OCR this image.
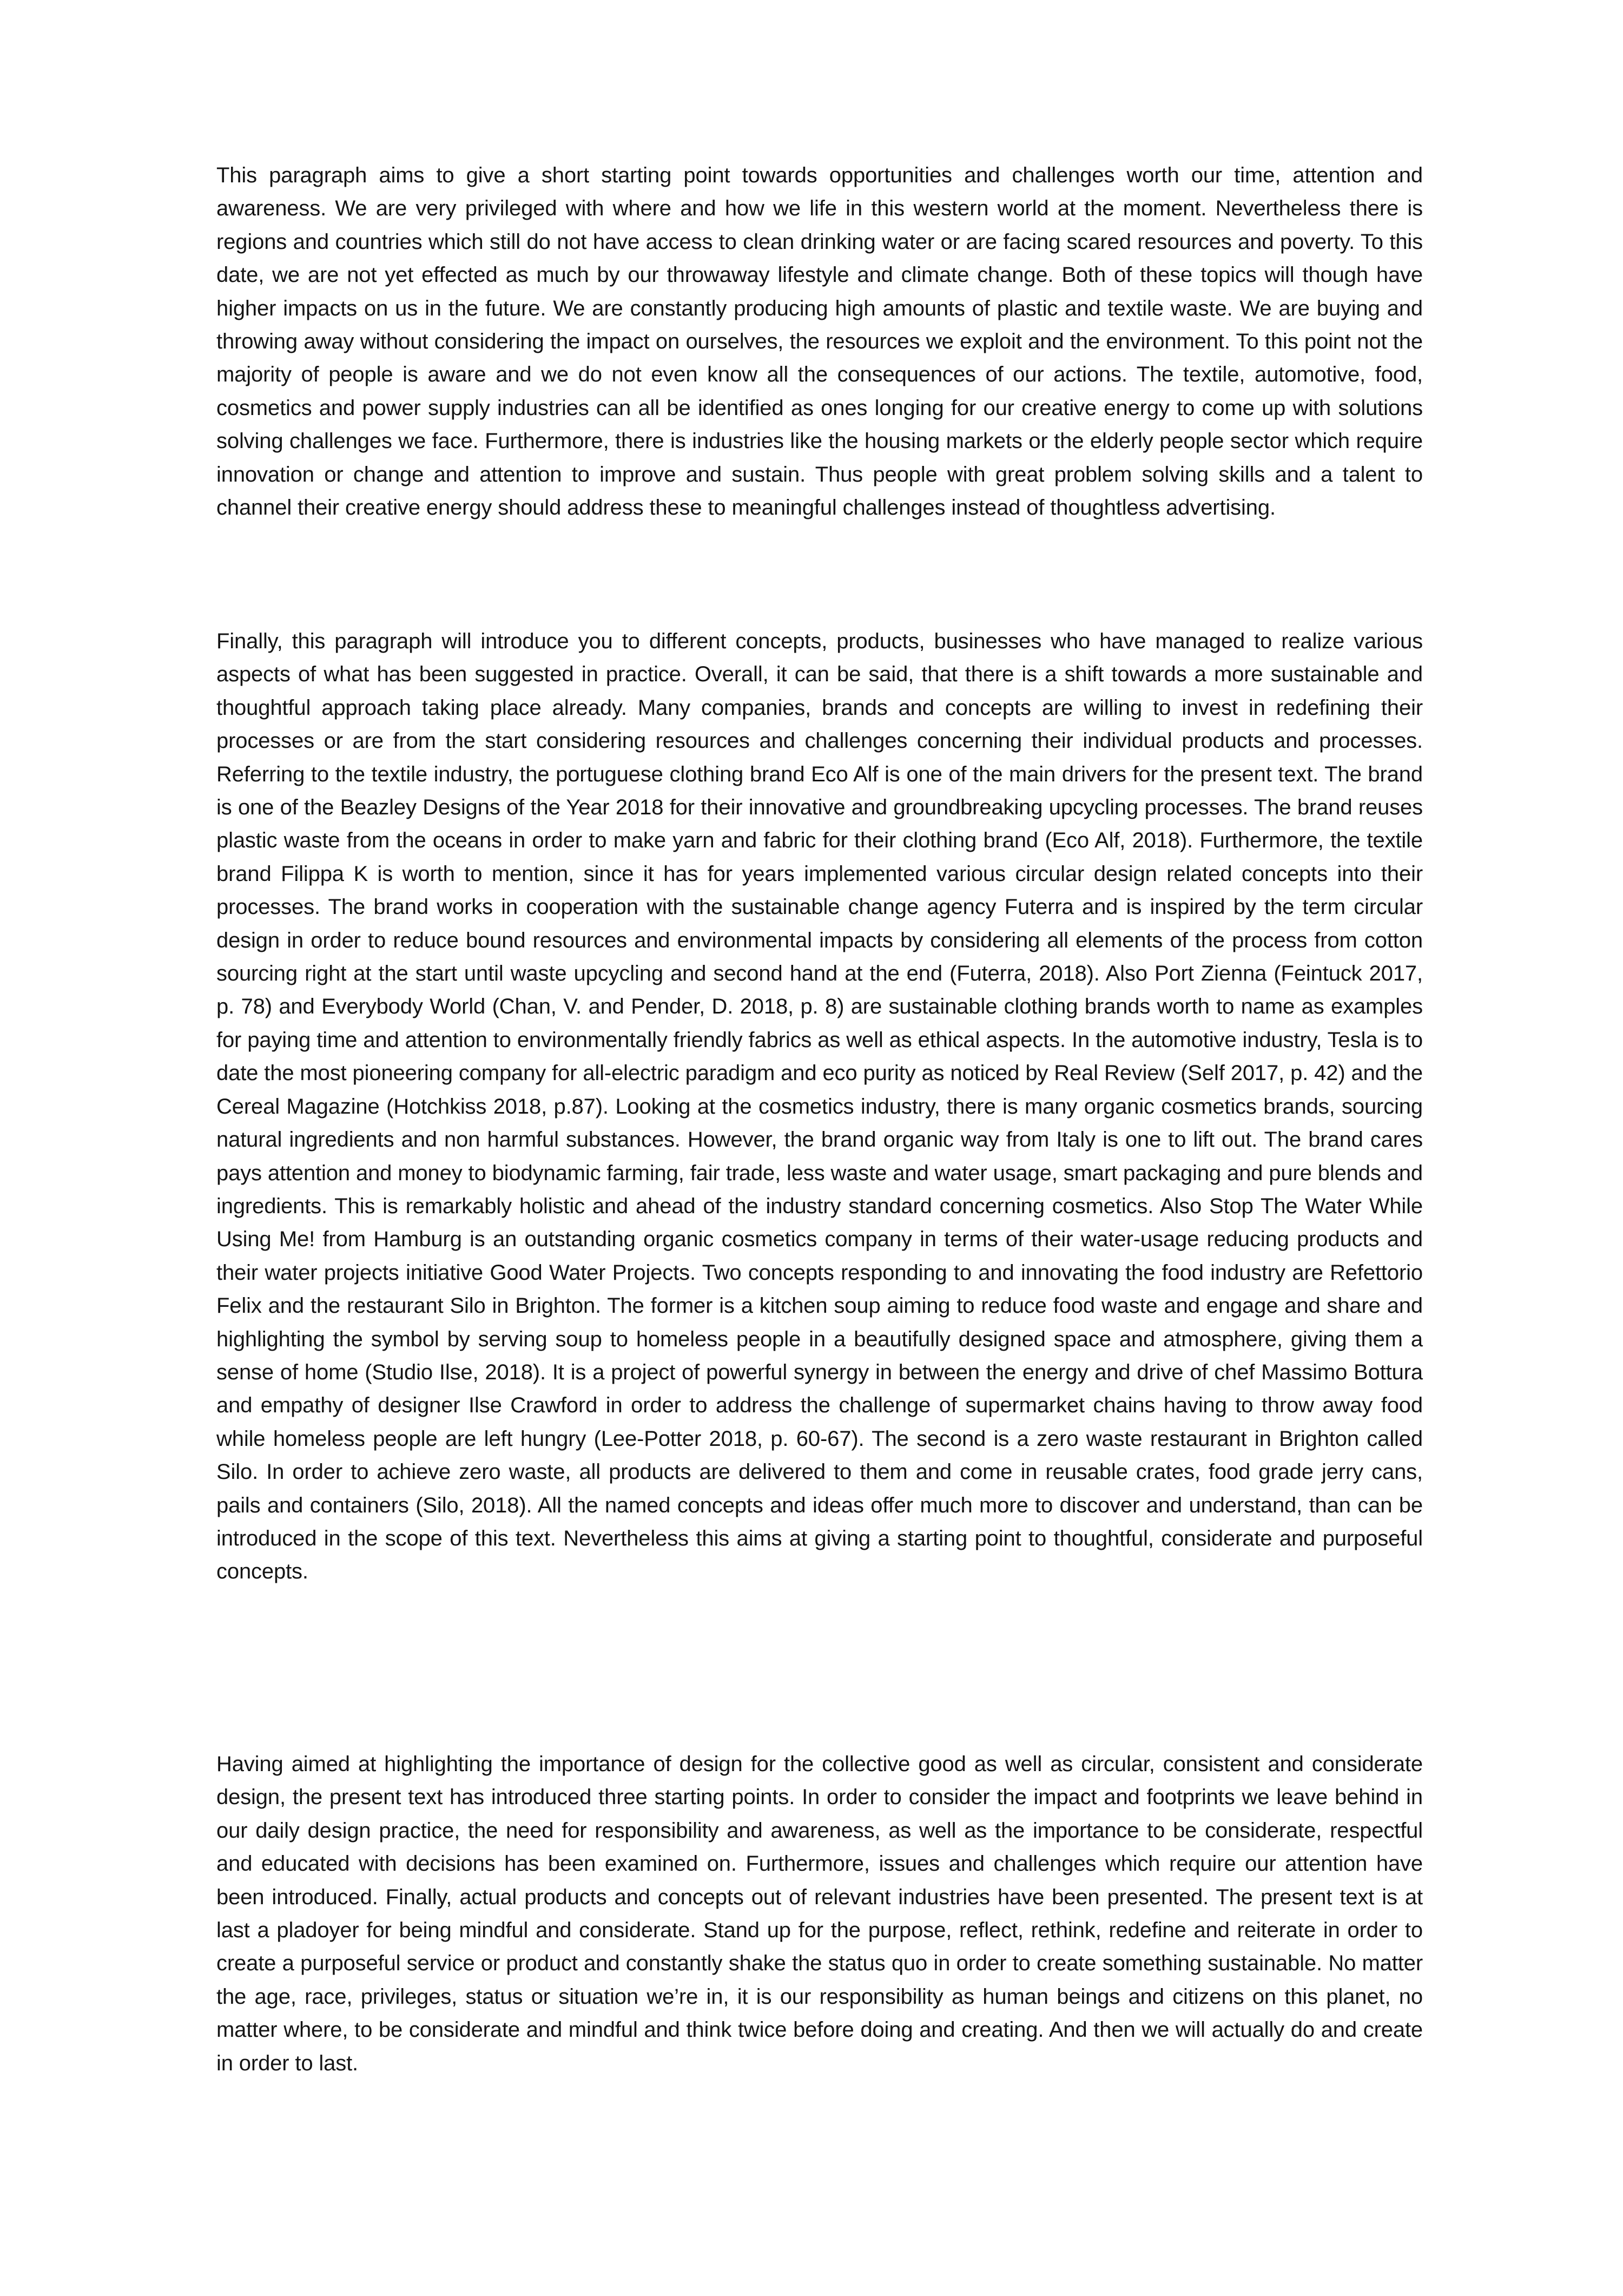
This paragraph aims to give a short starting point towards opportunities and challenges worth our time, attention and awareness. We are very privileged with where and how we life in this western world at the moment. Nevertheless there is regions and countries which still do not have access to clean drinking water or are facing scared resources and poverty. To this date, we are not yet effected as much by our throwaway lifestyle and climate change. Both of these topics will though have higher impacts on us in the future. We are constantly producing high amounts of plastic and textile waste. We are buying and throwing away without considering the impact on ourselves, the resources we exploit and the environment. To this point not the majority of people is aware and we do not even know all the consequences of our actions. The textile, automotive, food, cosmetics and power supply industries can all be identified as ones longing for our creative energy to come up with solutions solving challenges we face. Furthermore, there is industries like the housing markets or the elderly people sector which require innovation or change and attention to improve and sustain. Thus people with great problem solving skills and a talent to channel their creative energy should address these to meaningful challenges instead of thoughtless advertising.

Finally, this paragraph will introduce you to different concepts, products, businesses who have managed to realize various aspects of what has been suggested in practice. Overall, it can be said, that there is a shift towards a more sustainable and thoughtful approach taking place already. Many companies, brands and concepts are willing to invest in redefining their processes or are from the start considering resources and challenges concerning their individual products and processes. Referring to the textile industry, the portuguese clothing brand Eco Alf is one of the main drivers for the present text. The brand is one of the Beazley Designs of the Year 2018 for their innovative and groundbreaking upcycling processes. The brand reuses plastic waste from the oceans in order to make yarn and fabric for their clothing brand (Eco Alf, 2018). Furthermore, the textile brand Filippa K is worth to mention, since it has for years implemented various circular design related concepts into their processes. The brand works in cooperation with the sustainable change agency Futerra and is inspired by the term circular design in order to reduce bound resources and environmental impacts by considering all elements of the process from cotton sourcing right at the start until waste upcycling and second hand at the end (Futerra, 2018). Also Port Zienna (Feintuck 2017, p. 78) and Everybody World (Chan, V. and Pender, D. 2018, p. 8) are sustainable clothing brands worth to name as examples for paying time and attention to environmentally friendly fabrics as well as ethical aspects. In the automotive industry, Tesla is to date the most pioneering company for all-electric paradigm and eco purity as noticed by Real Review (Self 2017, p. 42) and the Cereal Magazine (Hotchkiss 2018, p.87). Looking at the cosmetics industry, there is many organic cosmetics brands, sourcing natural ingredients and non harmful substances. However, the brand organic way from Italy is one to lift out. The brand cares pays attention and money to biodynamic farming, fair trade, less waste and water usage, smart packaging and pure blends and ingredients. This is remarkably holistic and ahead of the industry standard concerning cosmetics. Also Stop The Water While Using Me! from Hamburg is an outstanding organic cosmetics company in terms of their water-usage reducing products and their water projects initiative Good Water Projects. Two concepts responding to and innovating the food industry are Refettorio Felix and the restaurant Silo in Brighton. The former is a kitchen soup aiming to reduce food waste and engage and share and highlighting the symbol by serving soup to homeless people in a beautifully designed space and atmosphere, giving them a sense of home (Studio Ilse, 2018). It is a project of powerful synergy in between the energy and drive of chef Massimo Bottura and empathy of designer Ilse Crawford in order to address the challenge of supermarket chains having to throw away food while homeless people are left hungry (Lee-Potter 2018, p. 60-67). The second is a zero waste restaurant in Brighton called Silo. In order to achieve zero waste, all products are delivered to them and come in reusable crates, food grade jerry cans, pails and containers (Silo, 2018). All the named concepts and ideas offer much more to discover and understand, than can be introduced in the scope of this text. Nevertheless this aims at giving a starting point to thoughtful, considerate and purposeful concepts.

Having aimed at highlighting the importance of design for the collective good as well as circular, consistent and considerate design, the present text has introduced three starting points. In order to consider the impact and footprints we leave behind in our daily design practice, the need for responsibility and awareness, as well as the importance to be considerate, respectful and educated with decisions has been examined on. Furthermore, issues and challenges which require our attention have been introduced. Finally, actual products and concepts out of relevant industries have been presented. The present text is at last a pladoyer for being mindful and considerate. Stand up for the purpose, reflect, rethink, redefine and reiterate in order to create a purposeful service or product and constantly shake the status quo in order to create something sustainable. No matter the age, race, privileges, status or situation we’re in, it is our responsibility as human beings and citizens on this planet, no matter where, to be considerate and mindful and think twice before doing and creating. And then we will actually do and create in order to last.
